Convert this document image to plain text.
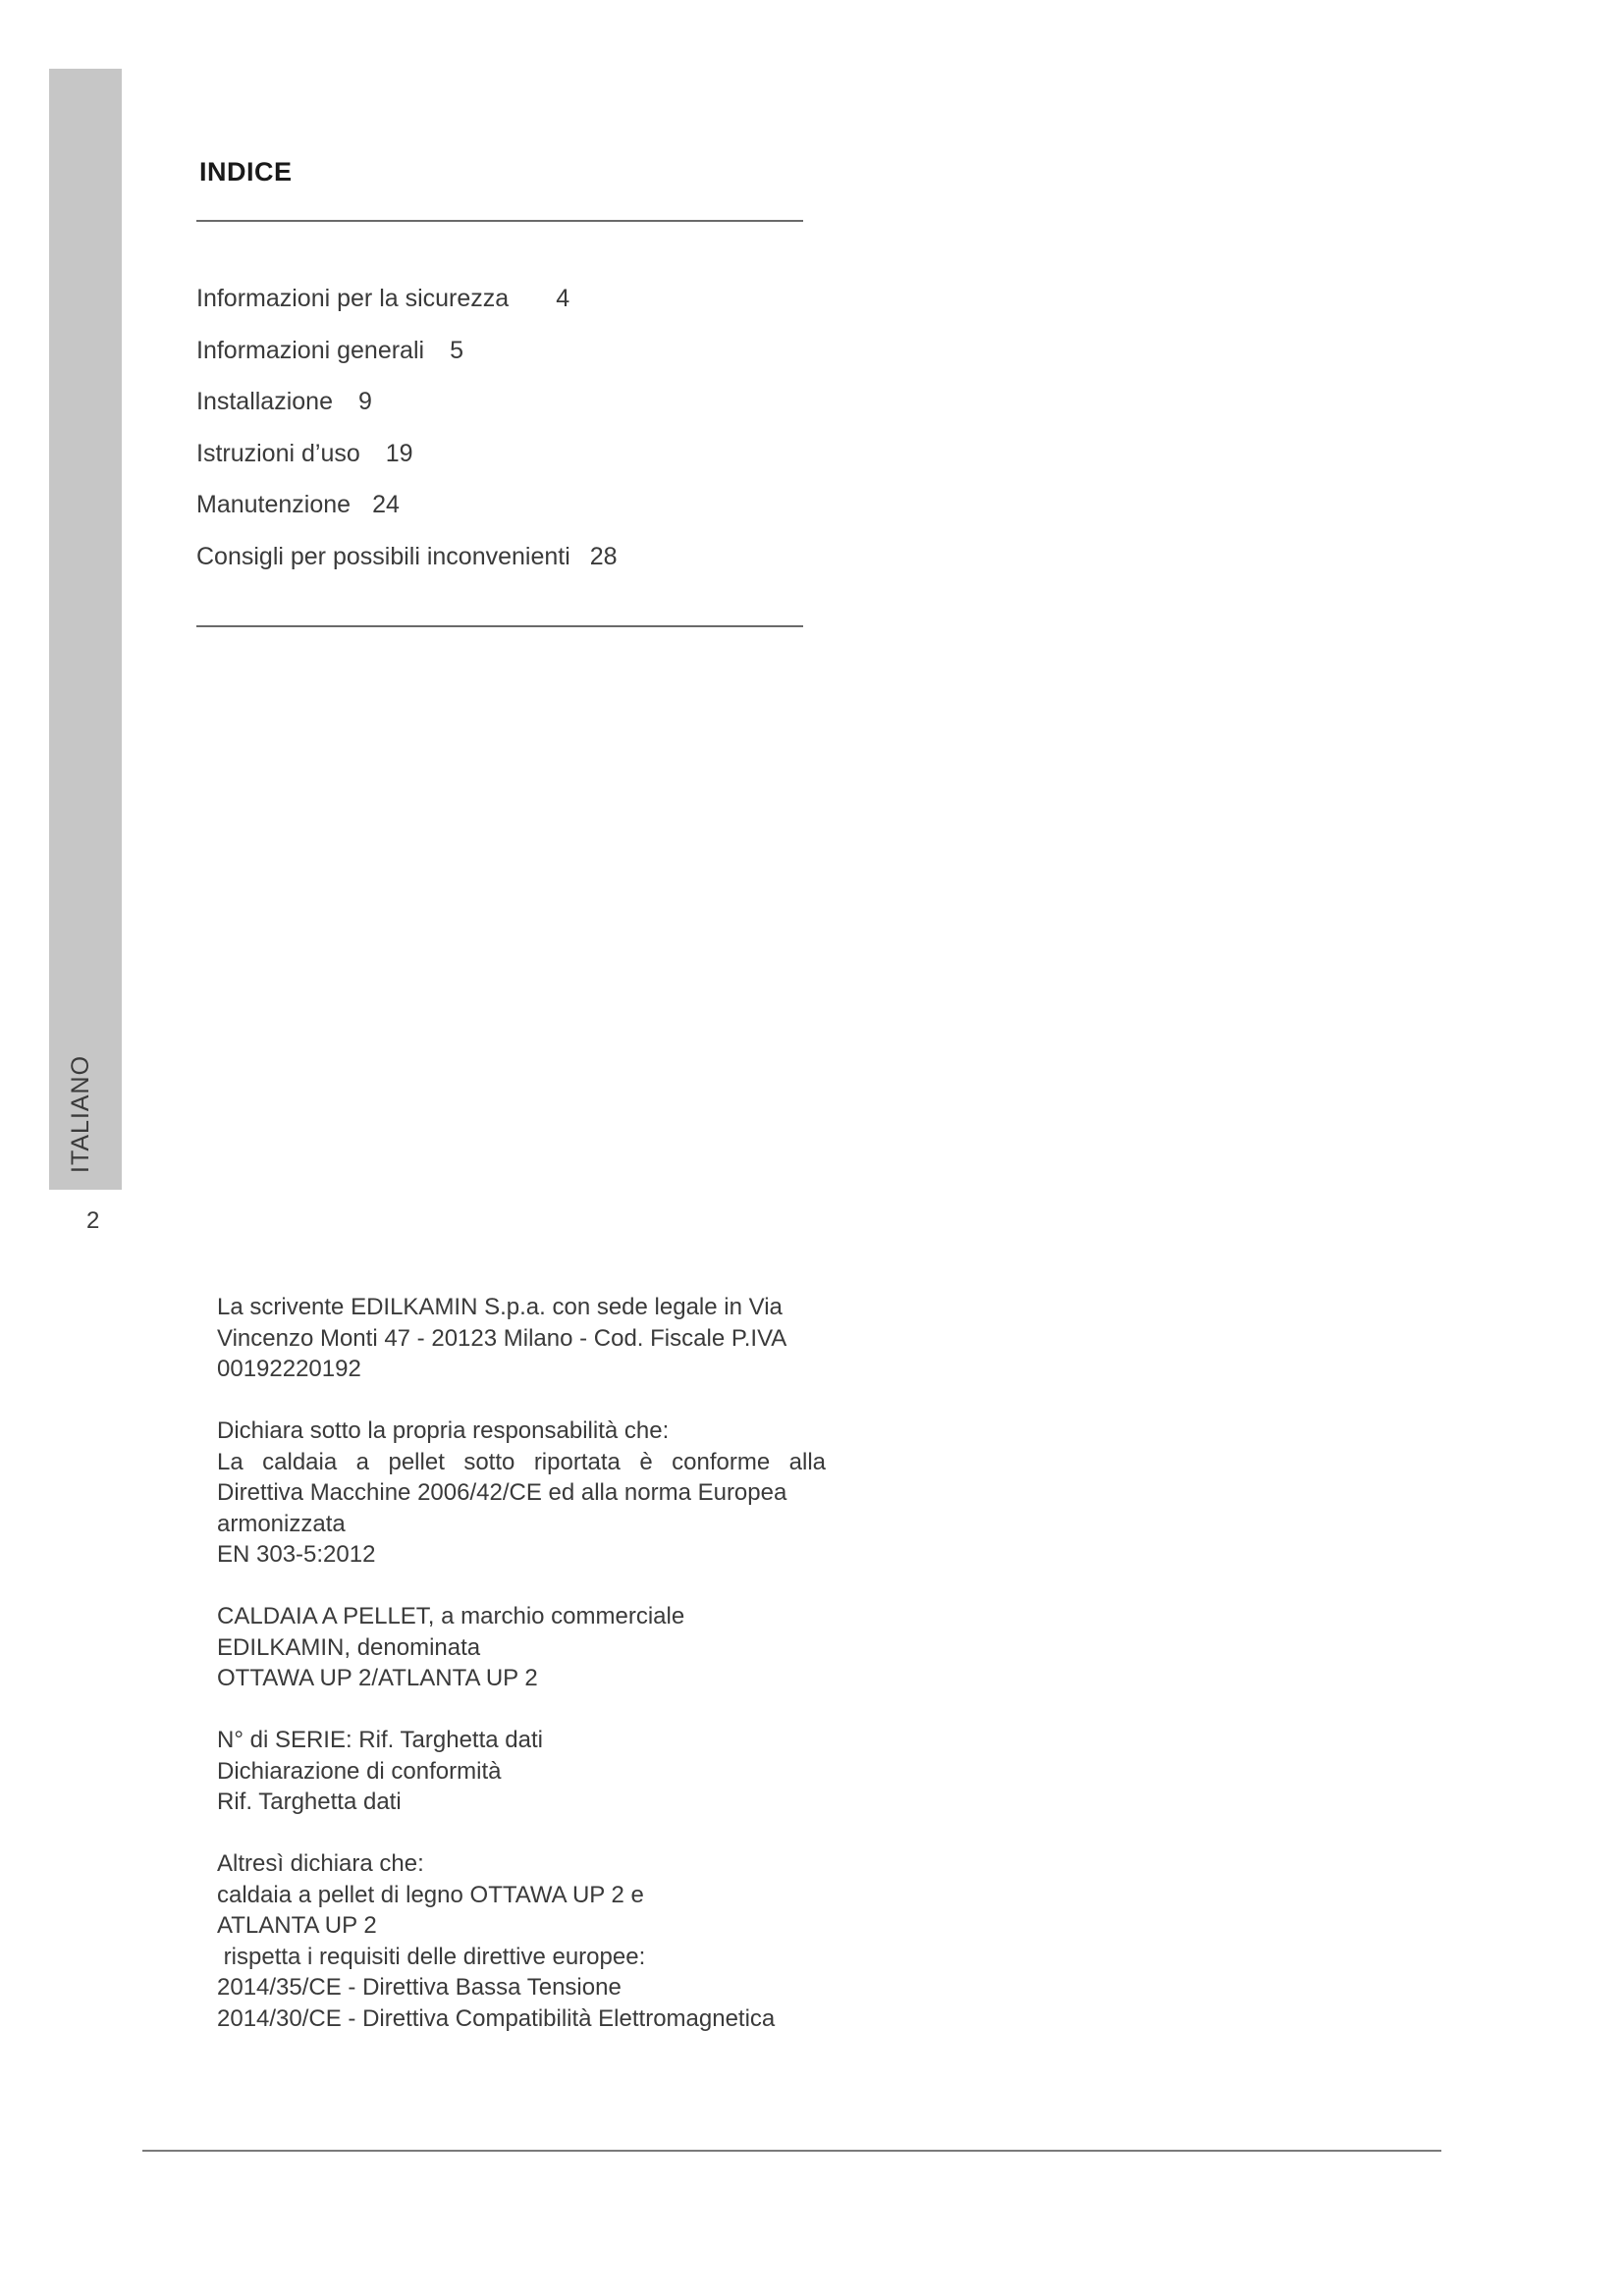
ITALIANO
2
INDICE
Informazioni per la sicurezza 4
Informazioni generali 5
Installazione 9
Istruzioni d’uso 19
Manutenzione 24
Consigli per possibili inconvenienti 28
La scrivente EDILKAMIN S.p.a. con sede legale in Via
Vincenzo Monti 47 - 20123 Milano - Cod. Fiscale P.IVA
00192220192
Dichiara sotto la propria responsabilità che:
La caldaia a pellet sotto riportata è conforme alla
Direttiva Macchine 2006/42/CE ed alla norma Europea
armonizzata
EN 303-5:2012
CALDAIA A PELLET, a marchio commerciale
EDILKAMIN, denominata
OTTAWA UP 2/ATLANTA UP 2
N° di SERIE: Rif. Targhetta dati
Dichiarazione di conformità
Rif. Targhetta dati
Altresì dichiara che:
caldaia a pellet di legno OTTAWA UP 2 e
ATLANTA UP 2
rispetta i requisiti delle direttive europee:
2014/35/CE - Direttiva Bassa Tensione
2014/30/CE - Direttiva Compatibilità Elettromagnetica
